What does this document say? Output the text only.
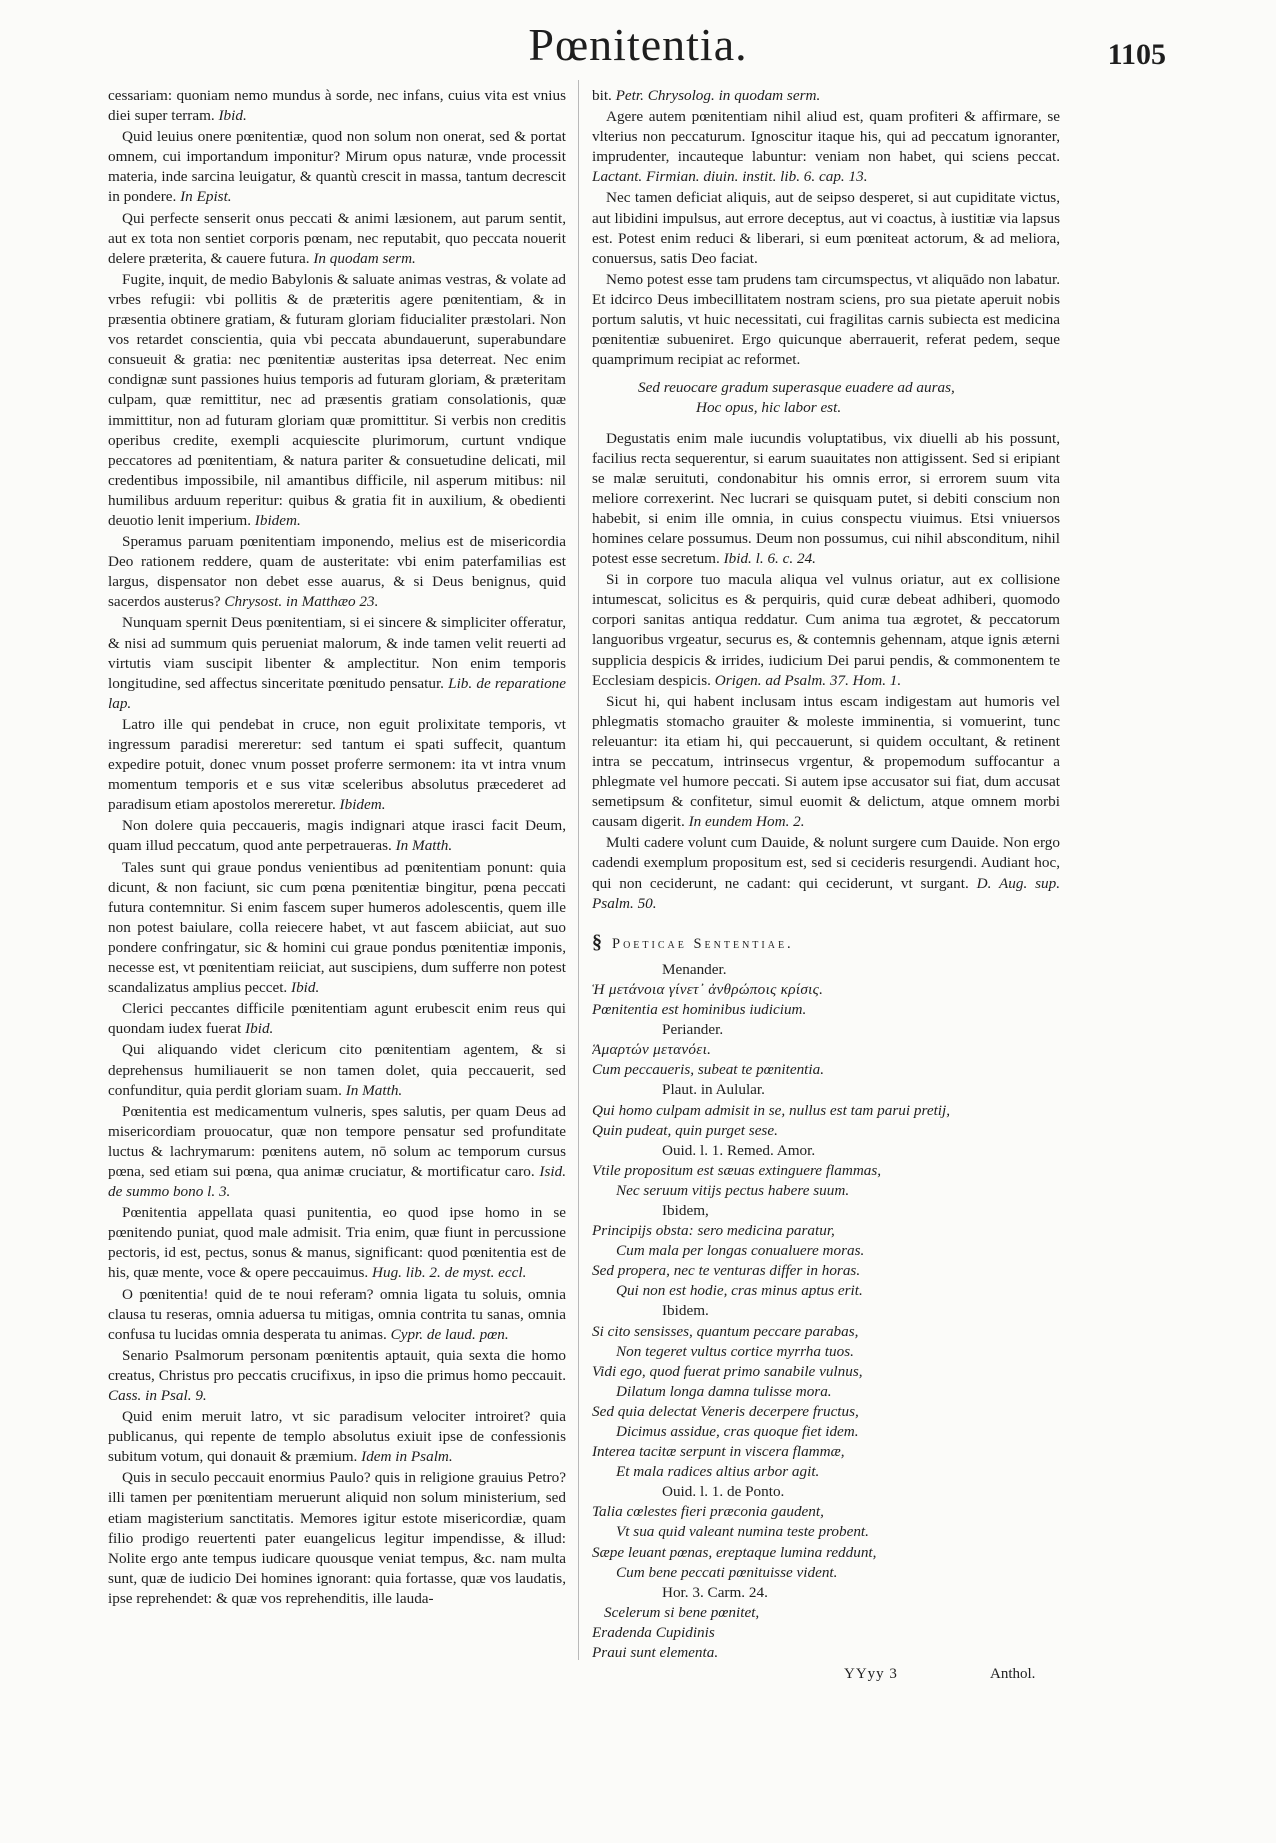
Pœnitentia.	1105

cessariam: quoniam nemo mundus à sorde, nec infans, cuius vita est vnius diei super terram. Ibid.

Quid leuius onere pœnitentiæ, quod non solum non onerat, sed & portat omnem, cui importandum imponitur? Mirum opus naturæ, vnde processit materia, inde sarcina leuigatur, & quantù crescit in massa, tantum decrescit in pondere. In Epist.

Qui perfecte senserit onus peccati & animi læsionem, aut parum sentit, aut ex tota non sentiet corporis pœnam, nec reputabit, quo peccata nouerit delere præterita, & cauere futura. In quodam serm.

Fugite, inquit, de medio Babylonis & saluate animas vestras, & volate ad vrbes refugii: vbi pollitis & de præteritis agere pœnitentiam, & in præsentia obtinere gratiam, & futuram gloriam fiducialiter præstolari. Non vos retardet conscientia, quia vbi peccata abundauerunt, superabundare consueuit & gratia: nec pœnitentiæ austeritas ipsa deterreat. Nec enim condignæ sunt passiones huius temporis ad futuram gloriam, & præteritam culpam, quæ remittitur, nec ad præsentis gratiam consolationis, quæ immittitur, non ad futuram gloriam quæ promittitur. Si verbis non creditis operibus credite, exempli acquiescite plurimorum, curtunt vndique peccatores ad pœnitentiam, & natura pariter & consuetudine delicati, mil credentibus impossibile, nil amantibus difficile, nil asperum mitibus: nil humilibus arduum reperitur: quibus & gratia fit in auxilium, & obedienti deuotio lenit imperium. Ibidem.

Speramus paruam pœnitentiam imponendo, melius est de misericordia Deo rationem reddere, quam de austeritate: vbi enim paterfamilias est largus, dispensator non debet esse auarus, & si Deus benignus, quid sacerdos austerus? Chrysost. in Matthæo 23.

Nunquam spernit Deus pœnitentiam, si ei sincere & simpliciter offeratur, & nisi ad summum quis perueniat malorum, & inde tamen velit reuerti ad virtutis viam suscipit libenter & amplectitur. Non enim temporis longitudine, sed affectus sinceritate pœnitudo pensatur. Lib. de reparatione lap.

Latro ille qui pendebat in cruce, non eguit prolixitate temporis, vt ingressum paradisi mereretur: sed tantum ei spati suffecit, quantum expedire potuit, donec vnum posset proferre sermonem: ita vt intra vnum momentum temporis et e sus vitæ sceleribus absolutus præcederet ad paradisum etiam apostolos mereretur. Ibidem.

Non dolere quia peccaueris, magis indignari atque irasci facit Deum, quam illud peccatum, quod ante perpetraueras. In Matth.

Tales sunt qui graue pondus venientibus ad pœnitentiam ponunt: quia dicunt, & non faciunt, sic cum pœna pœnitentiæ bingitur, pœna peccati futura contemnitur. Si enim fascem super humeros adolescentis, quem ille non potest baiulare, colla reiecere habet, vt aut fascem abiiciat, aut suo pondere confringatur, sic & homini cui graue pondus pœnitentiæ imponis, necesse est, vt pœnitentiam reiiciat, aut suscipiens, dum sufferre non potest scandalizatus amplius peccet. Ibid.

Clerici peccantes difficile pœnitentiam agunt erubescit enim reus qui quondam iudex fuerat Ibid.

Qui aliquando videt clericum cito pœnitentiam agentem, & si deprehensus humiliauerit se non tamen dolet, quia peccauerit, sed confunditur, quia perdit gloriam suam. In Matth.

Pœnitentia est medicamentum vulneris, spes salutis, per quam Deus ad misericordiam prouocatur, quæ non tempore pensatur sed profunditate luctus & lachrymarum: pœnitens autem, nō solum ac temporum cursus pœna, sed etiam sui pœna, qua animæ cruciatur, & mortificatur caro. Isid. de summo bono l. 3.

Pœnitentia appellata quasi punitentia, eo quod ipse homo in se pœnitendo puniat, quod male admisit. Tria enim, quæ fiunt in percussione pectoris, id est, pectus, sonus & manus, significant: quod pœnitentia est de his, quæ mente, voce & opere peccauimus. Hug. lib. 2. de myst. eccl.

O pœnitentia! quid de te noui referam? omnia ligata tu soluis, omnia clausa tu reseras, omnia aduersa tu mitigas, omnia contrita tu sanas, omnia confusa tu lucidas omnia desperata tu animas. Cypr. de laud. pœn.

Senario Psalmorum personam pœnitentis aptauit, quia sexta die homo creatus, Christus pro peccatis crucifixus, in ipso die primus homo peccauit. Cass. in Psal. 9.

Quid enim meruit latro, vt sic paradisum velociter introiret? quia publicanus, qui repente de templo absolutus exiuit ipse de confessionis subitum votum, qui donauit & præmium. Idem in Psalm.

Quis in seculo peccauit enormius Paulo? quis in religione grauius Petro? illi tamen per pœnitentiam meruerunt aliquid non solum ministerium, sed etiam magisterium sanctitatis. Memores igitur estote misericordiæ, quam filio prodigo reuertenti pater euangelicus legitur impendisse, & illud: Nolite ergo ante tempus iudicare quousque veniat tempus, &c. nam multa sunt, quæ de iudicio Dei homines ignorant: quia fortasse, quæ vos laudatis, ipse reprehendet: & quæ vos reprehenditis, ille lauda-

bit. Petr. Chrysolog. in quodam serm.

Agere autem pœnitentiam nihil aliud est, quam profiteri & affirmare, se vlterius non peccaturum. Ignoscitur itaque his, qui ad peccatum ignoranter, imprudenter, incauteque labuntur: veniam non habet, qui sciens peccat. Lactant. Firmian. diuin. instit. lib. 6. cap. 13.

Nec tamen deficiat aliquis, aut de seipso desperet, si aut cupiditate victus, aut libidini impulsus, aut errore deceptus, aut vi coactus, à iustitiæ via lapsus est. Potest enim reduci & liberari, si eum pœniteat actorum, & ad meliora, conuersus, satis Deo faciat.

Nemo potest esse tam prudens tam circumspectus, vt aliquādo non labatur. Et idcirco Deus imbecillitatem nostram sciens, pro sua pietate aperuit nobis portum salutis, vt huic necessitati, cui fragilitas carnis subiecta est medicina pœnitentiæ subueniret. Ergo quicunque aberrauerit, referat pedem, seque quamprimum recipiat ac reformet.

Sed reuocare gradum superasque euadere ad auras,
Hoc opus, hic labor est.

Degustatis enim male iucundis voluptatibus, vix diuelli ab his possunt, facilius recta sequerentur, si earum suauitates non attigissent. Sed si eripiant se malæ seruituti, condonabitur his omnis error, si errorem suum vita meliore correxerint. Nec lucrari se quisquam putet, si debiti conscium non habebit, si enim ille omnia, in cuius conspectu viuimus. Etsi vniuersos homines celare possumus. Deum non possumus, cui nihil absconditum, nihil potest esse secretum. Ibid. l. 6. c. 24.

Si in corpore tuo macula aliqua vel vulnus oriatur, aut ex collisione intumescat, solicitus es & perquiris, quid curæ debeat adhiberi, quomodo corpori sanitas antiqua reddatur. Cum anima tua ægrotet, & peccatorum languoribus vrgeatur, securus es, & contemnis gehennam, atque ignis æterni supplicia despicis & irrides, iudicium Dei parui pendis, & commonentem te Ecclesiam despicis. Origen. ad Psalm. 37. Hom. 1.

Sicut hi, qui habent inclusam intus escam indigestam aut humoris vel phlegmatis stomacho grauiter & moleste imminentia, si vomuerint, tunc releuantur: ita etiam hi, qui peccauerunt, si quidem occultant, & retinent intra se peccatum, intrinsecus vrgentur, & propemodum suffocantur a phlegmate vel humore peccati. Si autem ipse accusator sui fiat, dum accusat semetipsum & confitetur, simul euomit & delictum, atque omnem morbi causam digerit. In eundem Hom. 2.

Multi cadere volunt cum Dauide, & nolunt surgere cum Dauide. Non ergo cadendi exemplum propositum est, sed si cecideris resurgendi. Audiant hoc, qui non ceciderunt, ne cadant: qui ceciderunt, vt surgant. D. Aug. sup. Psalm. 50.

§ Poeticae Sententiae.
Menander.
Ἡ μετάνοια γίνετ᾽ ἀνθρώποις κρίσις.
Pœnitentia est hominibus iudicium.
Periander.
Ἁμαρτών μετανόει.
Cum peccaueris, subeat te pœnitentia.
Plaut. in Aulular.
Qui homo culpam admisit in se, nullus est tam parui pretij,
Quin pudeat, quin purget sese.
Ouid. l. 1. Remed. Amor.
Vtile propositum est sæuas extinguere flammas,
Nec seruum vitijs pectus habere suum.
Ibidem,
Principijs obsta: sero medicina paratur,
Cum mala per longas conualuere moras.
Sed propera, nec te venturas differ in horas.
Qui non est hodie, cras minus aptus erit.
Ibidem.
Si cito sensisses, quantum peccare parabas,
Non tegeret vultus cortice myrrha tuos.
Vidi ego, quod fuerat primo sanabile vulnus,
Dilatum longa damna tulisse mora.
Sed quia delectat Veneris decerpere fructus,
Dicimus assidue, cras quoque fiet idem.
Interea tacitæ serpunt in viscera flammæ,
Et mala radices altius arbor agit.
Ouid. l. 1. de Ponto.
Talia cœlestes fieri præconia gaudent,
Vt sua quid valeant numina teste probent.
Sæpe leuant pœnas, ereptaque lumina reddunt,
Cum bene peccati pœnituisse vident.
Hor. 3. Carm. 24.
Scelerum si bene pœnitet,
Eradenda Cupidinis
Praui sunt elementa.
YYyy 3	Anthol.
